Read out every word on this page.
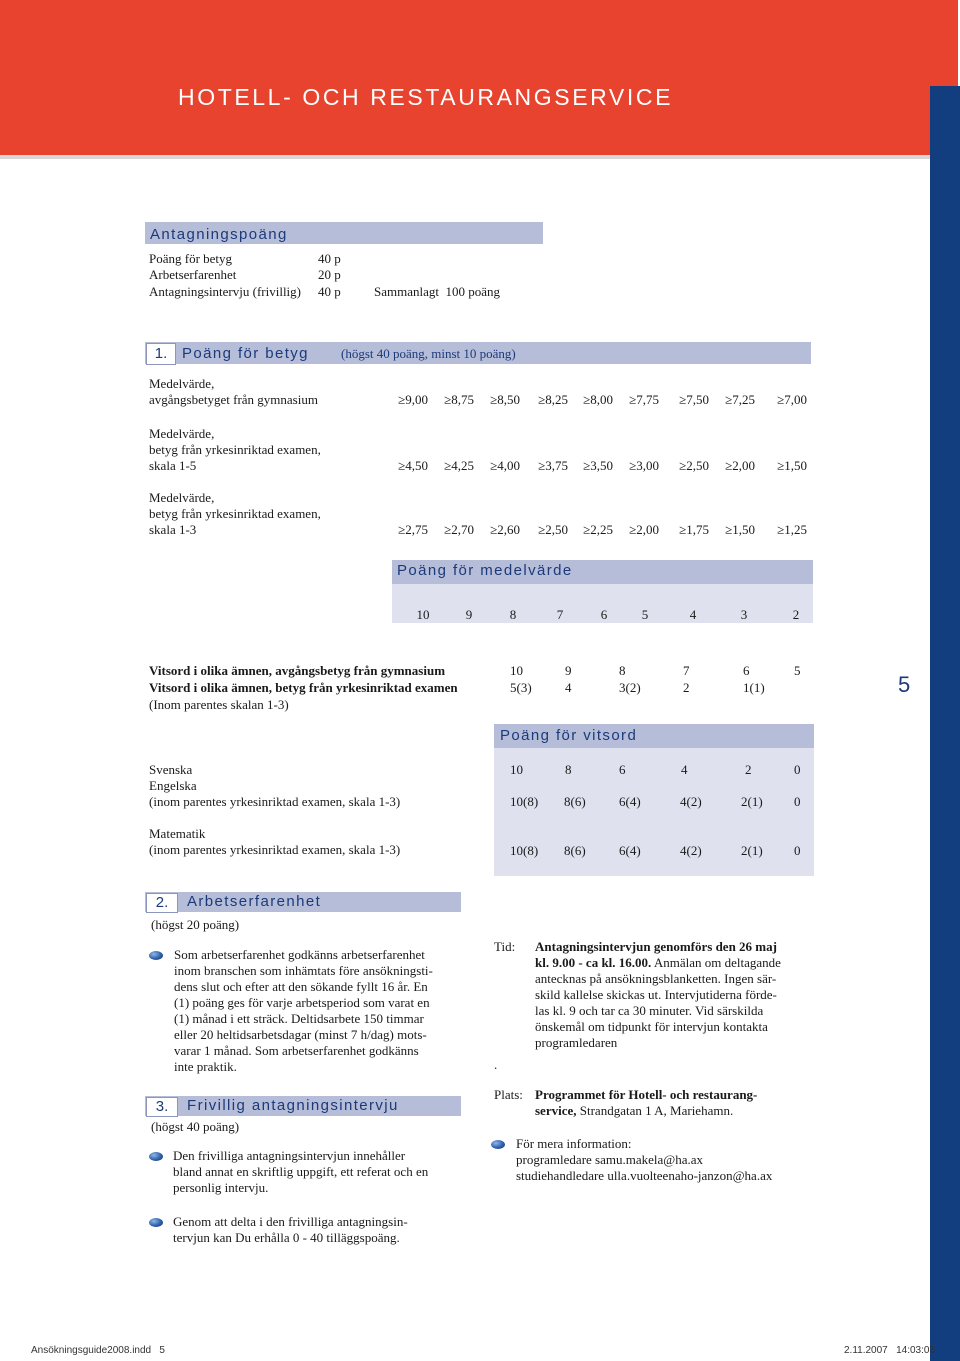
HOTELL- OCH RESTAURANGSERVICE
5
Antagningspoäng
Poäng för betyg	40 p
Arbetserfarenhet	20 p
Antagningsintervju (frivillig) 40 p	Sammanlagt  100 poäng
1. Poäng för betyg (högst 40 poäng, minst 10 poäng)
Medelvärde,
avgångsbetyget från gymnasium	≥9,00	≥8,75	≥8,50	≥8,25	≥8,00	≥7,75	≥7,50	≥7,25	≥7,00
Medelvärde,
betyg från yrkesinriktad examen,
skala 1-5	≥4,50	≥4,25	≥4,00	≥3,75	≥3,50	≥3,00	≥2,50	≥2,00	≥1,50
Medelvärde,
betyg från yrkesinriktad examen,
skala 1-3	≥2,75	≥2,70	≥2,60	≥2,50	≥2,25	≥2,00	≥1,75	≥1,50	≥1,25
Poäng för medelvärde
10	9	8	7	6	5	4	3	2
Vitsord i olika ämnen, avgångsbetyg från gymnasium	10	9	8	7	6	5
Vitsord i olika ämnen, betyg från yrkesinriktad examen	5(3)	4	3(2)	2	1(1)
(Inom parentes skalan 1-3)
Poäng för vitsord
Svenska	10	8	6	4	2	0
Engelska
(inom parentes yrkesinriktad examen, skala 1-3)	10(8) 8(6)	6(4)	4(2)	2(1) 0
Matematik
(inom parentes yrkesinriktad examen, skala 1-3)	10(8) 8(6)	6(4)	4(2)	2(1) 0
2.	Arbetserfarenhet
(högst 20 poäng)
Som arbetserfarenhet godkänns arbetserfarenhet
inom branschen som inhämtats före ansökningsti-
dens slut och efter att den sökande fyllt 16 år. En
(1) poäng ges för varje arbetsperiod som varat en
(1) månad i ett sträck. Deltidsarbete 150 timmar
eller 20 heltidsarbetsdagar (minst 7 h/dag) mots-
varar 1 månad. Som arbetserfarenhet godkänns
inte praktik.
3.	Frivillig antagningsintervju
(högst 40 poäng)
Den frivilliga antagningsintervjun innehåller
bland annat en skriftlig uppgift, ett referat och en
personlig intervju.
Genom att delta i den frivilliga antagningsin-
tervjun kan Du erhålla 0 - 40 tilläggspoäng.
Tid: Antagningsintervjun genomförs den 26 maj
kl. 9.00 - ca kl. 16.00. Anmälan om deltagande
antecknas på ansökningsblanketten. Ingen sär-
skild kallelse skickas ut. Intervjutiderna förde-
las kl. 9 och tar ca 30 minuter. Vid särskilda
önskemål om tidpunkt för intervjun kontakta
programledaren
.
Plats: Programmet för Hotell- och restaurang-
service, Strandgatan 1 A, Mariehamn.
För mera information:
programledare samu.makela@ha.ax
studiehandledare ulla.vuolteenaho-janzon@ha.ax
Ansökningsguide2008.indd   5	2.11.2007   14:03:05
